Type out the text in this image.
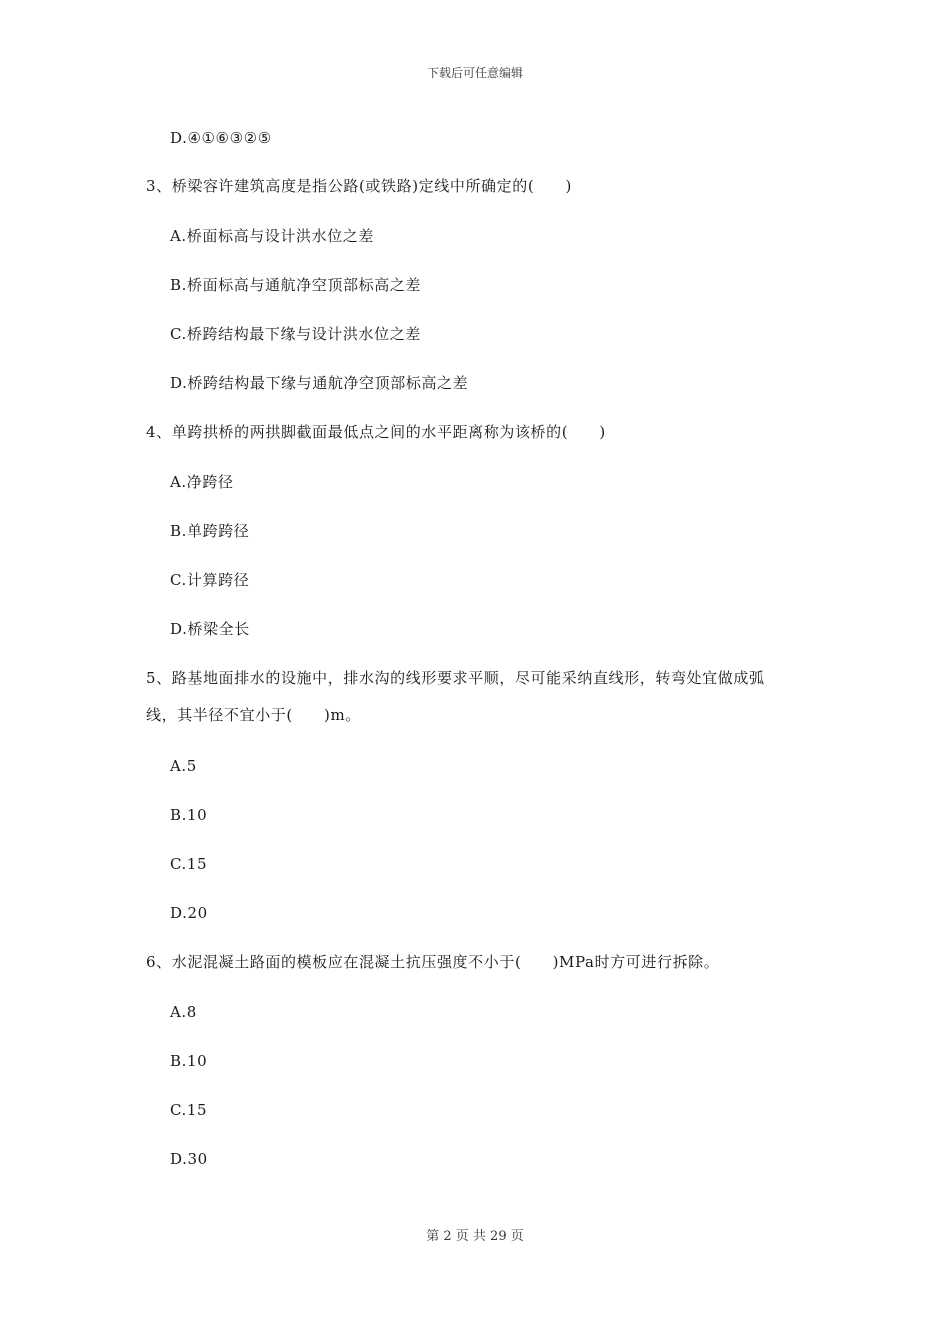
下载后可任意编辑
D.④①⑥③②⑤
3、桥梁容许建筑高度是指公路(或铁路)定线中所确定的(　　)
A.桥面标高与设计洪水位之差
B.桥面标高与通航净空顶部标高之差
C.桥跨结构最下缘与设计洪水位之差
D.桥跨结构最下缘与通航净空顶部标高之差
4、单跨拱桥的两拱脚截面最低点之间的水平距离称为该桥的(　　)
A.净跨径
B.单跨跨径
C.计算跨径
D.桥梁全长
5、路基地面排水的设施中，排水沟的线形要求平顺，尽可能采纳直线形，转弯处宜做成弧
线，其半径不宜小于(　　)m。
A.5
B.10
C.15
D.20
6、水泥混凝土路面的模板应在混凝土抗压强度不小于(　　)MPa时方可进行拆除。
A.8
B.10
C.15
D.30
第 2 页 共 29 页
